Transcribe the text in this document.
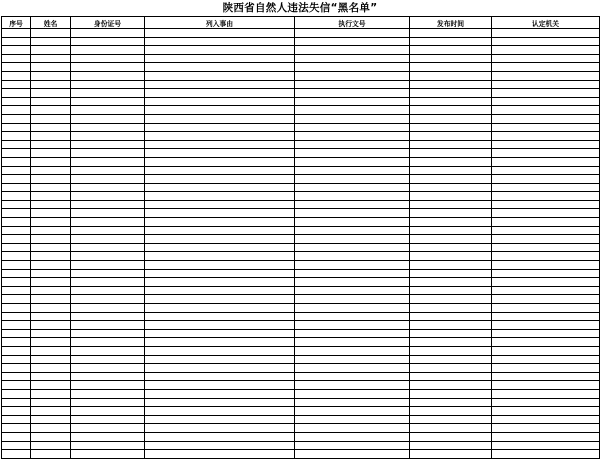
陕西省自然人违法失信“黑名单”
序号	姓名	身份证号	列入事由	执行文号	发布时间	认定机关
